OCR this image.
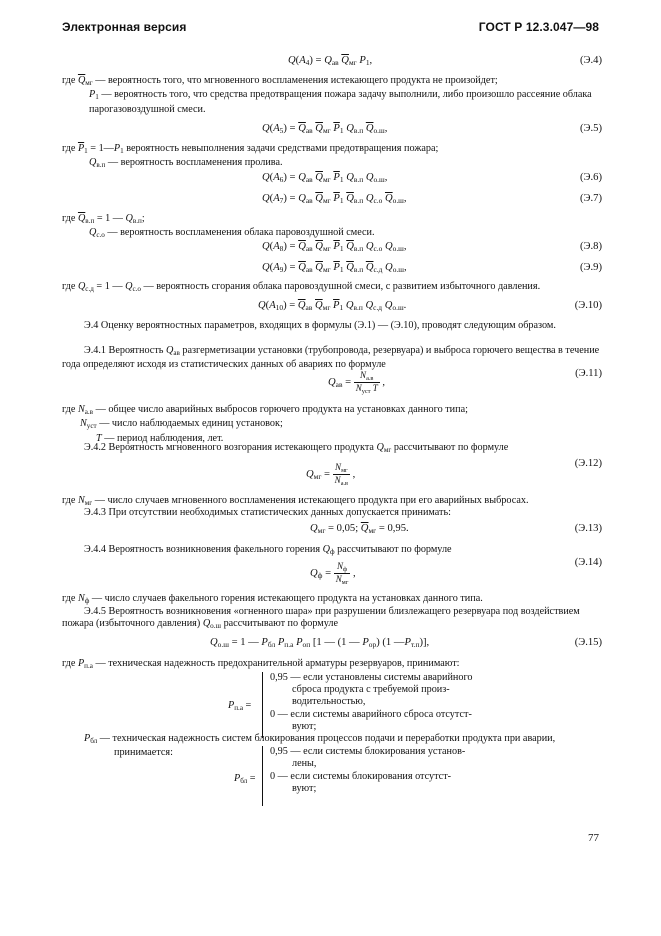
Электронная версия	ГОСТ Р 12.3.047—98
$Q(A_4) = Q_{ав}$ $\overline{Q}_{мг}$ $P_1$,	(Э.4)
где $\overline{Q}_{мг}$ — вероятность того, что мгновенного воспламенения истекающего продукта не произойдет;
$P_1$ — вероятность того, что средства предотвращения пожара задачу выполнили, либо произошло рассеяние облака парогазовоздушной смеси.
$Q(A_5) = \overline{Q}_{ав}$ $\overline{Q}_{мг}$ $\overline{P}_1$ $Q_{в.п}$ $\overline{Q}_{о.ш}$,	(Э.5)
где $\overline{P}_1$ = $1—P_1$ вероятность невыполнения задачи средствами предотвращения пожара;
$Q_{в.п}$ — вероятность воспламенения пролива.
$Q(A_6) = Q_{ав}$ $\overline{Q}_{мг}$ $\overline{P}_1$ $Q_{в.п}$ $Q_{о.ш}$,	(Э.6)
$Q(A_7) = Q_{ав}$ $\overline{Q}_{мг}$ $\overline{P}_1$ $\overline{Q}_{в.п}$ $Q_{с.о}$ $\overline{Q}_{о.ш}$,	(Э.7)
где $\overline{Q}_{в.п} = 1$ — $Q_{в.п}$;
$Q_{с.о}$ — вероятность воспламенения облака паровоздушной смеси.
$Q(A_8) = \overline{Q}_{ав}$ $\overline{Q}_{мг}$ $\overline{P}_1$ $\overline{Q}_{в.п}$ $Q_{с.о}$ $Q_{о.ш}$,	(Э.8)
$Q(A_9) = \overline{Q}_{ав}$ $\overline{Q}_{мг}$ $\overline{P}_1$ $\overline{Q}_{в.п}$ $\overline{Q}_{с.д}$ $Q_{о.ш}$,	(Э.9)
где $Q_{с.д} = 1$ — $Q_{с.о}$ — вероятность сгорания облака паровоздушной смеси, с развитием избыточного давления.
$Q(A_{10}) = \overline{Q}_{ав}$ $\overline{Q}_{мг}$ $\overline{P}_1$ $Q_{в.п}$ $Q_{с.д}$ $Q_{о.ш}$.	(Э.10)
Э.4 Оценку вероятностных параметров, входящих в формулы (Э.1) — (Э.10), проводят следующим образом.
Э.4.1 Вероятность $Q_{ав}$ разгерметизации установки (трубопровода, резервуара) и выброса горючего вещества в течение года определяют исходя из статистических данных об авариях по формуле
$Q_{ав} = \frac{N_{а.в}}{N_{уст} T}$ ,
(Э.11)
где $N_{а.в}$ — общее число аварийных выбросов горючего продукта на установках данного типа;
$N_{уст}$ — число наблюдаемых единиц установок;
T — период наблюдения, лет.
Э.4.2 Вероятность мгновенного возгорания истекающего продукта $Q_{мг}$ рассчитывают по формуле
$Q_{мг} = \frac{N_{мг}}{N_{а.в}}$ ,
(Э.12)
где $N_{мг}$ — число случаев мгновенного воспламенения истекающего продукта при его аварийных выбросах.
Э.4.3 При отсутствии необходимых статистических данных допускается принимать:
$Q_{мг} = 0,05$; $\overline{Q}_{мг} = 0,95$.	(Э.13)
Э.4.4 Вероятность возникновения факельного горения $Q_ф$ рассчитывают по формуле
$Q_ф = \frac{N_ф}{N_{мг}}$ ,
(Э.14)
где $N_ф$ — число случаев факельного горения истекающего продукта на установках данного типа.
Э.4.5 Вероятность возникновения «огненного шара» при разрушении близлежащего резервуара под воздействием пожара (избыточного давления) $Q_{о.ш}$ рассчитывают по формуле
$Q_{о.ш} = 1$ — $P_{бл}$ $P_{п.а}$ $P_{оп}$ [1 — (1 — $P_{ор}$) (1 $—P_{т.п}$)],	(Э.15)
где $P_{п.а}$ — техническая надежность предохранительной арматуры резервуаров, принимают:
$P_{п.а}$ =
0,95 — если установлены системы аварийного
сброса продукта с требуемой произ-
водительностью,
0 — если системы аварийного сброса отсутст-
вуют;
$P_{бл}$ — техническая надежность систем блокирования процессов подачи и переработки продукта при аварии,
принимается:
$P_{бл}$ =
0,95 — если системы блокирования установ-
лены,
0 — если системы блокирования отсутст-
вуют;
77
